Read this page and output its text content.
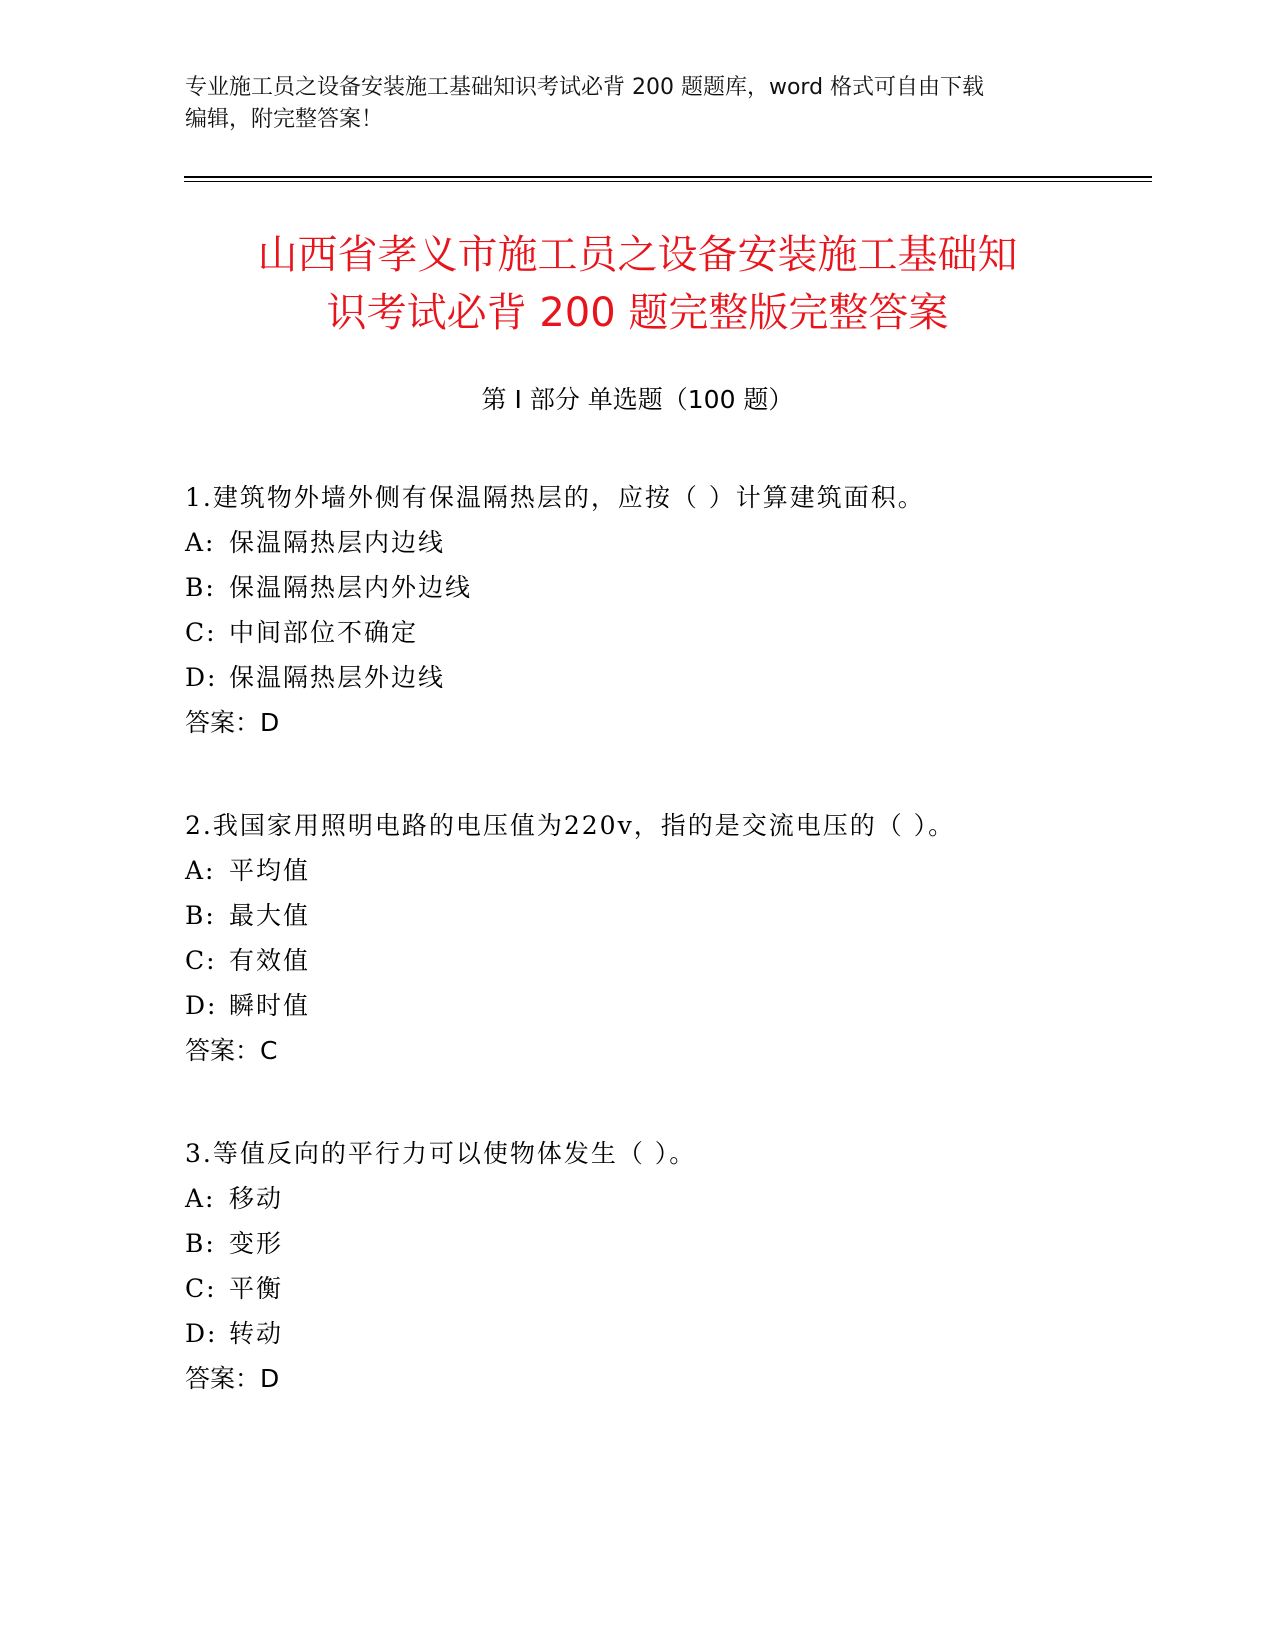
专业施工员之设备安装施工基础知识考试必背 200 题题库，word 格式可自由下载
编辑，附完整答案！
山西省孝义市施工员之设备安装施工基础知
识考试必背 200 题完整版完整答案
第 I 部分 单选题（100 题）
1.建筑物外墙外侧有保温隔热层的，应按（ ）计算建筑面积。
A: 保温隔热层内边线
B: 保温隔热层内外边线
C: 中间部位不确定
D: 保温隔热层外边线
答案：D
2.我国家用照明电路的电压值为220v，指的是交流电压的（ ）。
A: 平均值
B: 最大值
C: 有效值
D: 瞬时值
答案：C
3.等值反向的平行力可以使物体发生（ ）。
A: 移动
B: 变形
C: 平衡
D: 转动
答案：D
